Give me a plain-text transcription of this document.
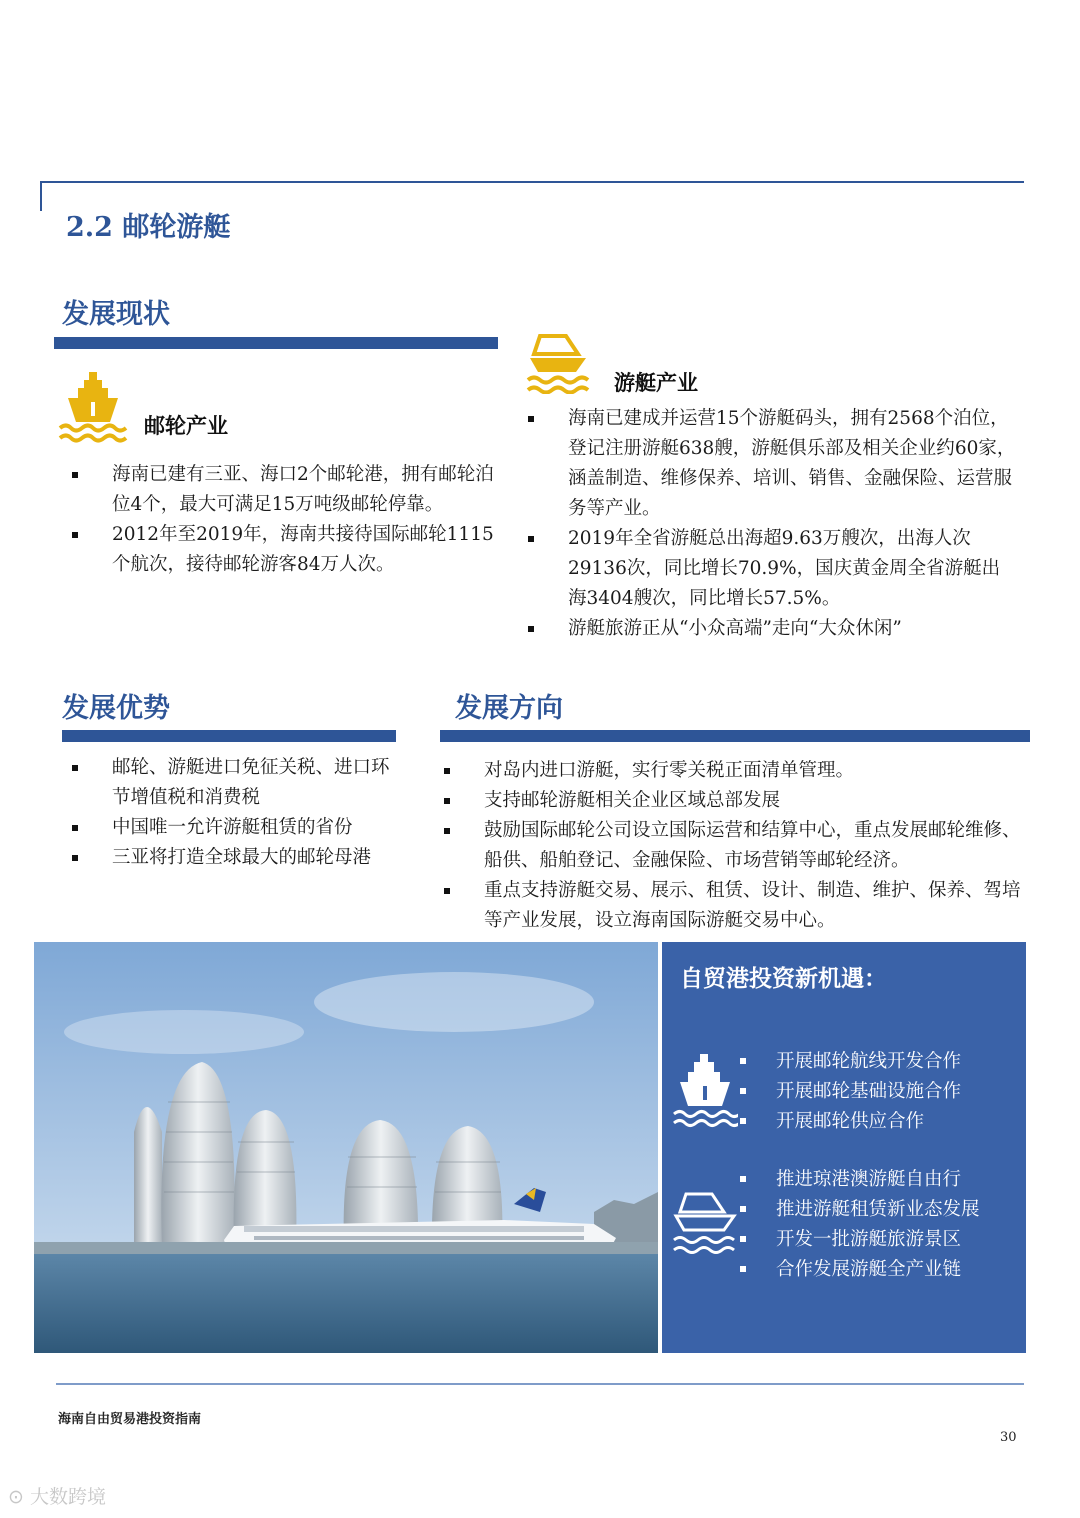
2.2 邮轮游艇
发展现状
邮轮产业
海南已建有三亚、海口2个邮轮港，拥有邮轮泊位4个，最大可满足15万吨级邮轮停靠。
2012年至2019年，海南共接待国际邮轮1115个航次，接待邮轮游客84万人次。
游艇产业
海南已建成并运营15个游艇码头，拥有2568个泊位，登记注册游艇638艘，游艇俱乐部及相关企业约60家，涵盖制造、维修保养、培训、销售、金融保险、运营服务等产业。
2019年全省游艇总出海超9.63万艘次，出海人次29136次，同比增长70.9%，国庆黄金周全省游艇出海3404艘次，同比增长57.5%。
游艇旅游正从“小众高端”走向“大众休闲”
发展优势
邮轮、游艇进口免征关税、进口环节增值税和消费税
中国唯一允许游艇租赁的省份
三亚将打造全球最大的邮轮母港
发展方向
对岛内进口游艇，实行零关税正面清单管理。
支持邮轮游艇相关企业区域总部发展
鼓励国际邮轮公司设立国际运营和结算中心，重点发展邮轮维修、船供、船舶登记、金融保险、市场营销等邮轮经济。
重点支持游艇交易、展示、租赁、设计、制造、维护、保养、驾培等产业发展，设立海南国际游艇交易中心。
自贸港投资新机遇：
开展邮轮航线开发合作
开展邮轮基础设施合作
开展邮轮供应合作
推进琼港澳游艇自由行
推进游艇租赁新业态发展
开发一批游艇旅游景区
合作发展游艇全产业链
海南自由贸易港投资指南
30
⊙ 大数跨境
